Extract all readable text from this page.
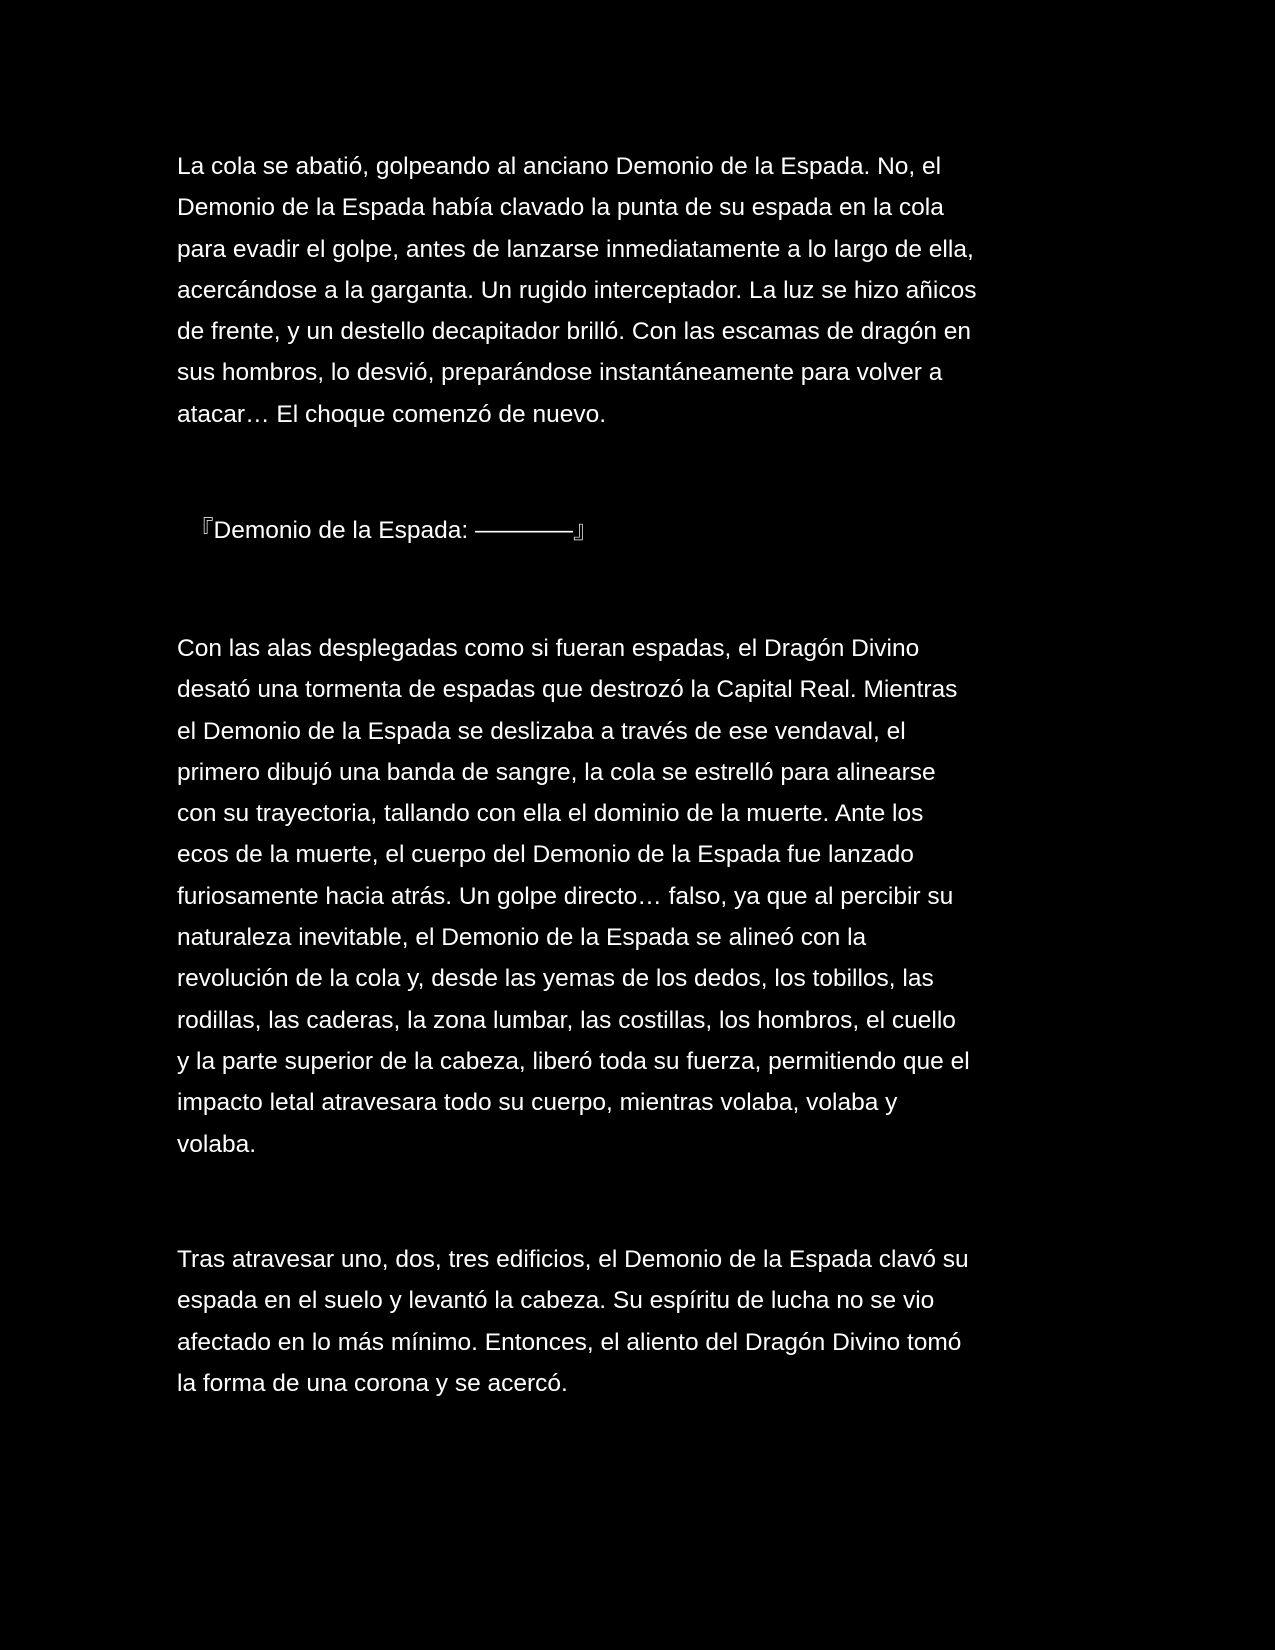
La cola se abatió, golpeando al anciano Demonio de la Espada. No, el
Demonio de la Espada había clavado la punta de su espada en la cola
para evadir el golpe, antes de lanzarse inmediatamente a lo largo de ella,
acercándose a la garganta. Un rugido interceptador. La luz se hizo añicos
de frente, y un destello decapitador brilló. Con las escamas de dragón en
sus hombros, lo desvió, preparándose instantáneamente para volver a
atacar… El choque comenzó de nuevo.

『Demonio de la Espada: ————』

Con las alas desplegadas como si fueran espadas, el Dragón Divino
desató una tormenta de espadas que destrozó la Capital Real. Mientras
el Demonio de la Espada se deslizaba a través de ese vendaval, el
primero dibujó una banda de sangre, la cola se estrelló para alinearse
con su trayectoria, tallando con ella el dominio de la muerte. Ante los
ecos de la muerte, el cuerpo del Demonio de la Espada fue lanzado
furiosamente hacia atrás. Un golpe directo… falso, ya que al percibir su
naturaleza inevitable, el Demonio de la Espada se alineó con la
revolución de la cola y, desde las yemas de los dedos, los tobillos, las
rodillas, las caderas, la zona lumbar, las costillas, los hombros, el cuello
y la parte superior de la cabeza, liberó toda su fuerza, permitiendo que el
impacto letal atravesara todo su cuerpo, mientras volaba, volaba y
volaba.

Tras atravesar uno, dos, tres edificios, el Demonio de la Espada clavó su
espada en el suelo y levantó la cabeza. Su espíritu de lucha no se vio
afectado en lo más mínimo. Entonces, el aliento del Dragón Divino tomó
la forma de una corona y se acercó.
